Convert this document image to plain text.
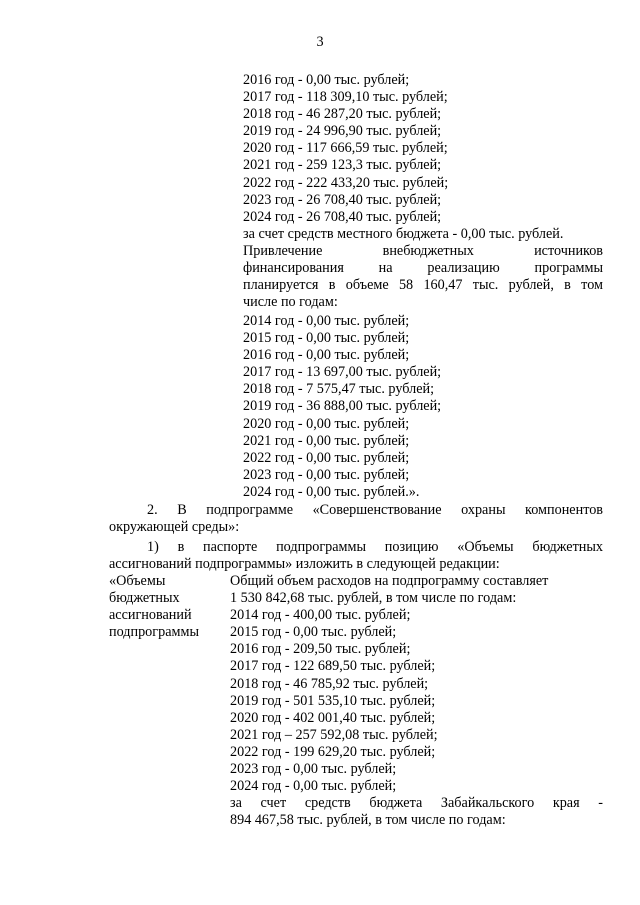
3
2016 год - 0,00 тыс. рублей;
2017 год - 118 309,10 тыс. рублей;
2018 год - 46 287,20 тыс. рублей;
2019 год - 24 996,90 тыс. рублей;
2020 год - 117 666,59 тыс. рублей;
2021 год - 259 123,3 тыс. рублей;
2022 год - 222 433,20 тыс. рублей;
2023 год - 26 708,40 тыс. рублей;
2024 год - 26 708,40 тыс. рублей;
за счет средств местного бюджета - 0,00 тыс. рублей.
Привлечение внебюджетных источников
финансирования на реализацию программы
планируется в объеме 58 160,47 тыс. рублей, в том
числе по годам:
2014 год - 0,00 тыс. рублей;
2015 год - 0,00 тыс. рублей;
2016 год - 0,00 тыс. рублей;
2017 год - 13 697,00 тыс. рублей;
2018 год - 7 575,47 тыс. рублей;
2019 год - 36 888,00 тыс. рублей;
2020 год - 0,00 тыс. рублей;
2021 год - 0,00 тыс. рублей;
2022 год - 0,00 тыс. рублей;
2023 год - 0,00 тыс. рублей;
2024 год - 0,00 тыс. рублей.».
2. В подпрограмме «Совершенствование охраны компонентов
окружающей среды»:
1) в паспорте подпрограммы позицию «Объемы бюджетных
ассигнований подпрограммы» изложить в следующей редакции:
«Объемы
бюджетных
ассигнований
подпрограммы
Общий объем расходов на подпрограмму составляет
1 530 842,68 тыс. рублей, в том числе по годам:
2014 год - 400,00 тыс. рублей;
2015 год - 0,00 тыс. рублей;
2016 год - 209,50 тыс. рублей;
2017 год - 122 689,50 тыс. рублей;
2018 год - 46 785,92 тыс. рублей;
2019 год - 501 535,10 тыс. рублей;
2020 год - 402 001,40 тыс. рублей;
2021 год – 257 592,08 тыс. рублей;
2022 год - 199 629,20 тыс. рублей;
2023 год - 0,00 тыс. рублей;
2024 год - 0,00 тыс. рублей;
за счет средств бюджета Забайкальского края -
894 467,58 тыс. рублей, в том числе по годам:
